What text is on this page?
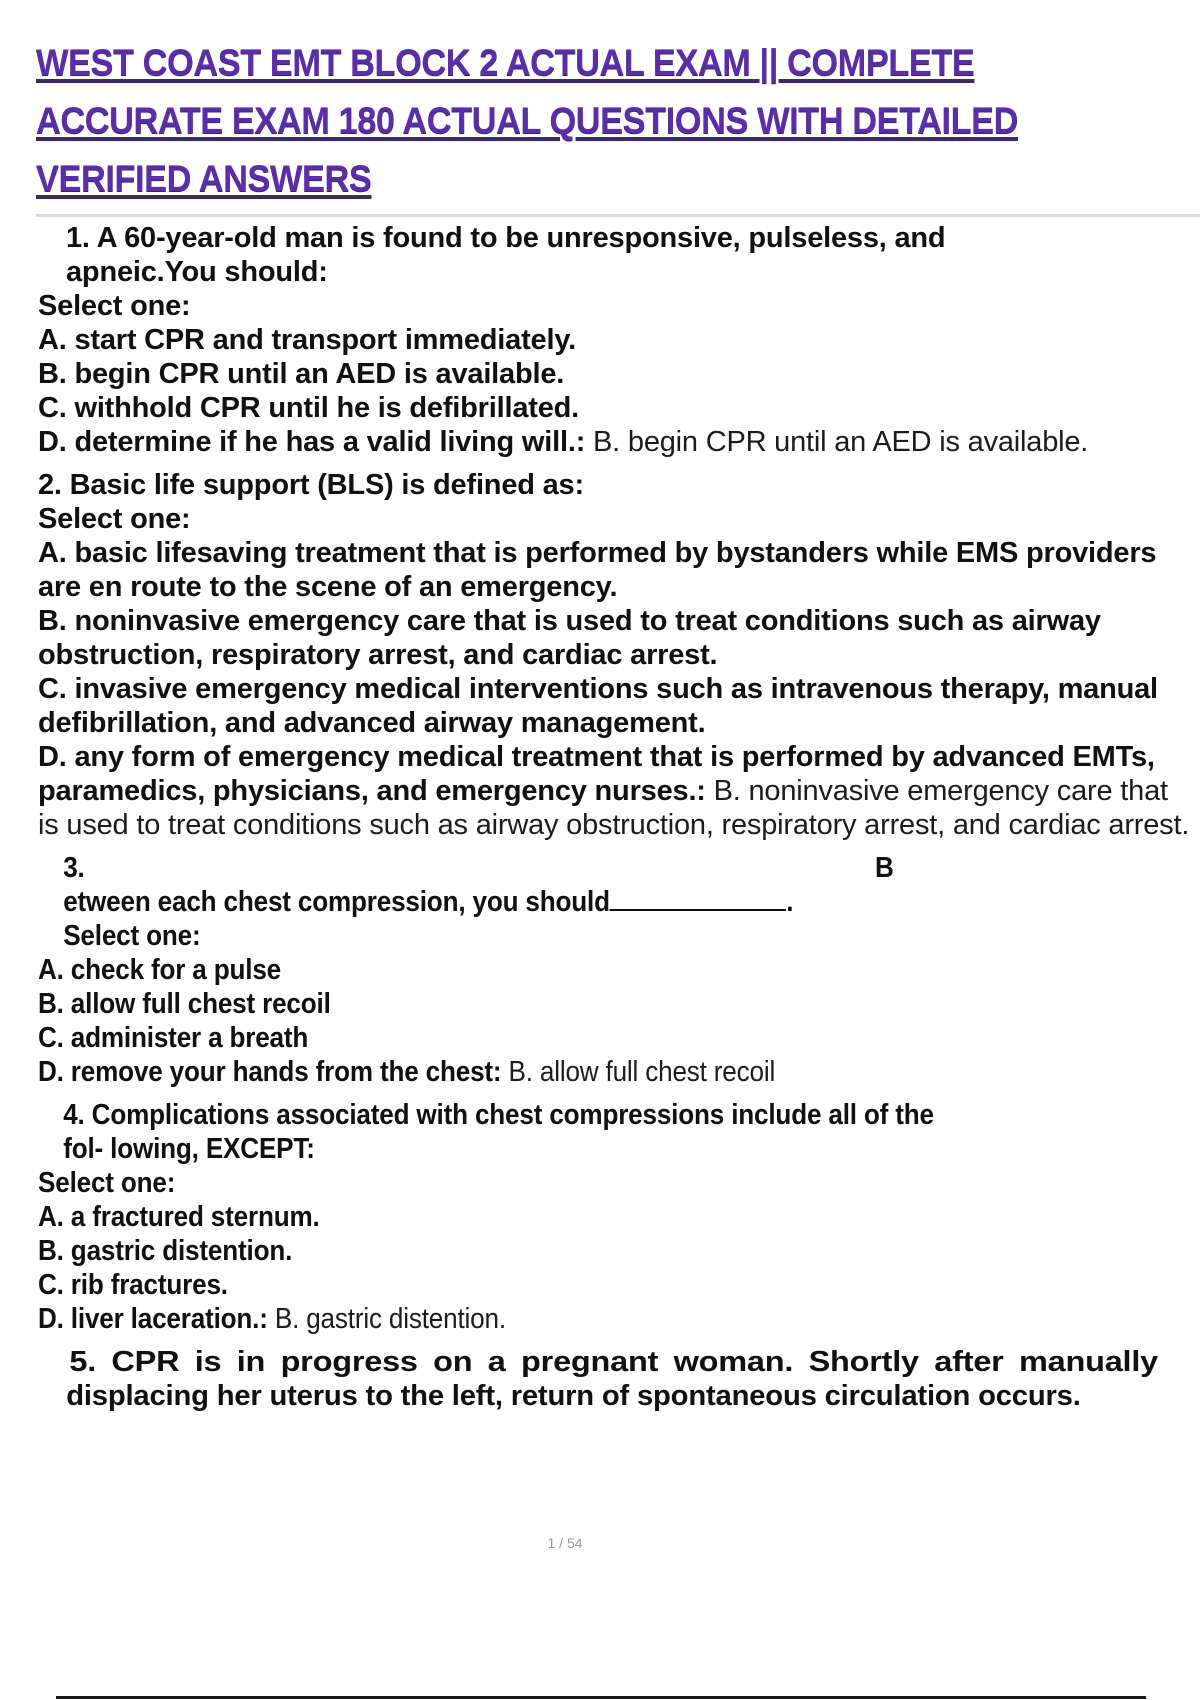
WEST COAST EMT BLOCK 2 ACTUAL EXAM || COMPLETE
ACCURATE EXAM 180 ACTUAL QUESTIONS WITH DETAILED
VERIFIED ANSWERS
1. A 60-year-old man is found to be unresponsive, pulseless, and
apneic.You should:
Select one:
A. start CPR and transport immediately.
B. begin CPR until an AED is available.
C. withhold CPR until he is defibrillated.
D. determine if he has a valid living will.: B. begin CPR until an AED is available.
2. Basic life support (BLS) is defined as:
Select one:
A. basic lifesaving treatment that is performed by bystanders while EMS providers are en route to the scene of an emergency.
B. noninvasive emergency care that is used to treat conditions such as airway obstruction, respiratory arrest, and cardiac arrest.
C. invasive emergency medical interventions such as intravenous therapy, manual defibrillation, and advanced airway management.
D. any form of emergency medical treatment that is performed by advanced EMTs, paramedics, physicians, and emergency nurses.: B. noninvasive emergency care that is used to treat conditions such as airway obstruction, respiratory arrest, and cardiac arrest.
3.	B
etween each chest compression, you should	.
Select one:
A. check for a pulse
B. allow full chest recoil
C. administer a breath
D. remove your hands from the chest: B. allow full chest recoil
4. Complications associated with chest compressions include all of the
fol- lowing, EXCEPT:
Select one:
A. a fractured sternum.
B. gastric distention.
C. rib fractures.
D. liver laceration.: B. gastric distention.
5. CPR is in progress on a pregnant woman. Shortly after manually
displacing her uterus to the left, return of spontaneous circulation occurs.
1 / 54
